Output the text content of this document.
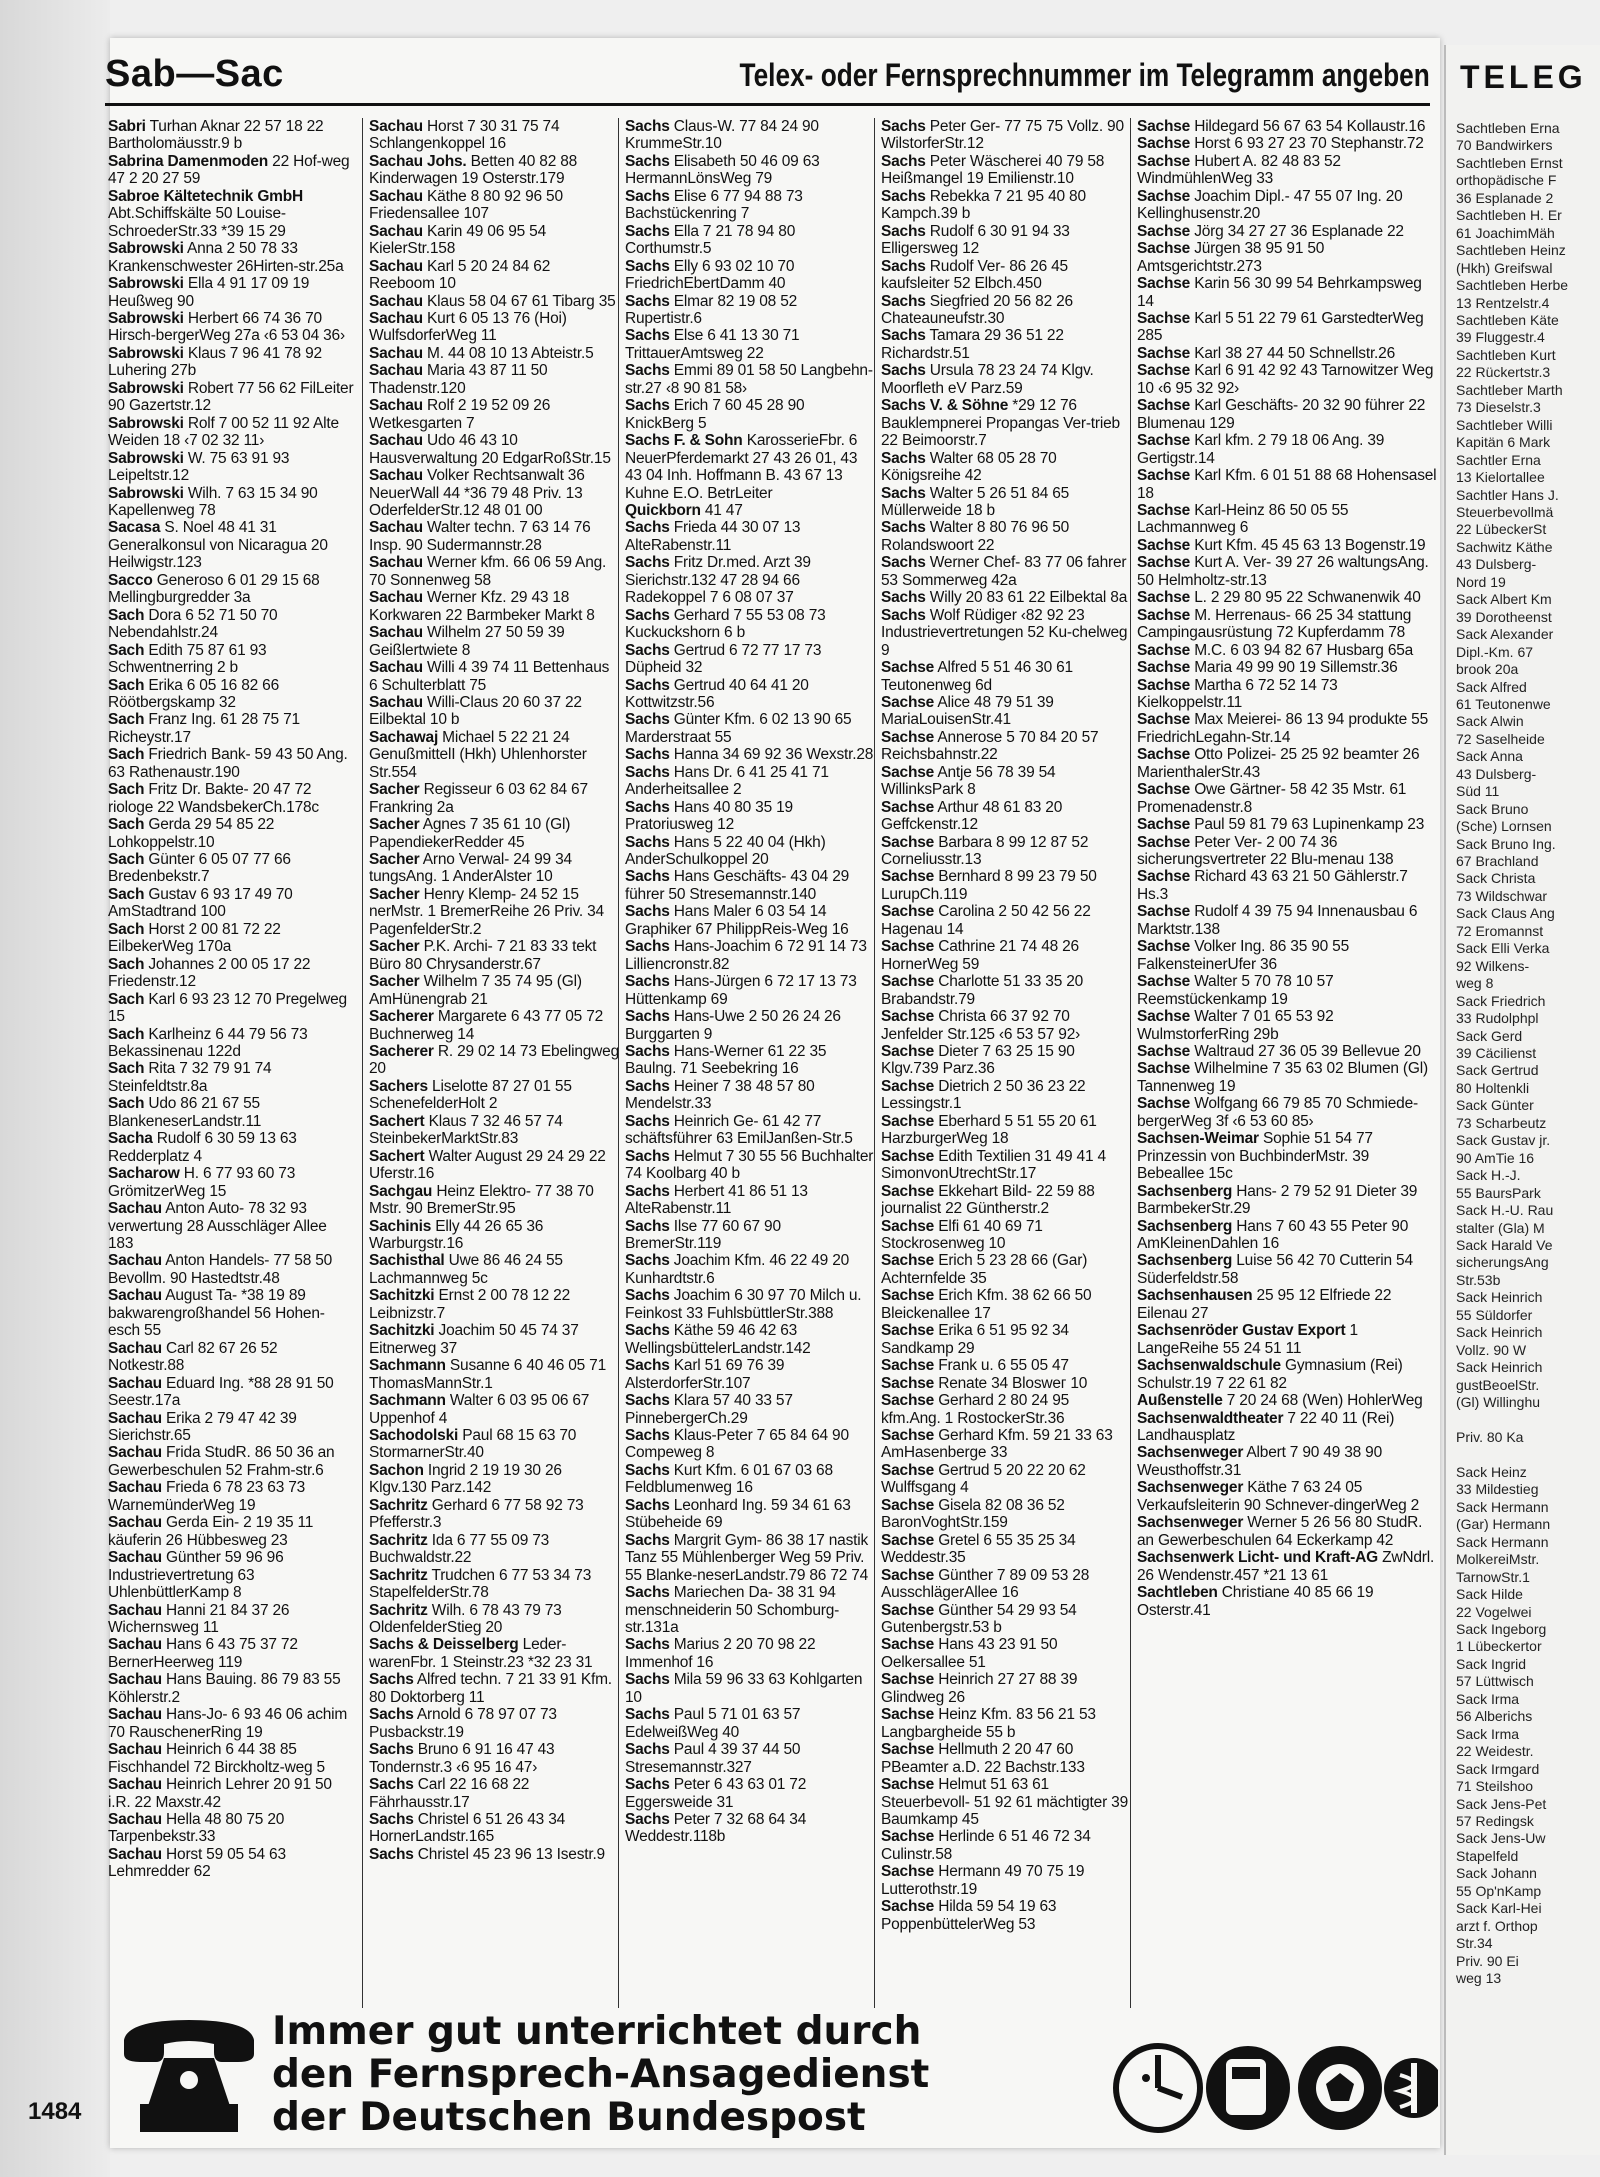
Sab—Sac	Telex- oder Fernsprechnummer im Telegramm angeben

Sabri Turhan Aknar 22 57 18 22 Bartholomäusstr.9 b

Sabrina Damenmoden 22 Hof-weg 47 2 20 27 59

Sabroe Kältetechnik GmbH Abt.Schiffskälte 50 Louise-SchroederStr.33 *39 15 29

Sabrowski Anna 2 50 78 33 Krankenschwester 26Hirten-str.25a

Sabrowski Ella 4 91 17 09 19 Heußweg 90

Sabrowski Herbert 66 74 36 70 Hirsch-bergerWeg 27a ‹6 53 04 36›

Sabrowski Klaus 7 96 41 78 92 Luhering 27b

Sabrowski Robert 77 56 62 FilLeiter 90 Gazertstr.12

Sabrowski Rolf 7 00 52 11 92 Alte Weiden 18 ‹7 02 32 11›

Sabrowski W. 75 63 91 93 Leipeltstr.12

Sabrowski Wilh. 7 63 15 34 90 Kapellenweg 78

Sacasa S. Noel 48 41 31 Generalkonsul von Nicaragua 20 Heilwigstr.123

Sacco Generoso 6 01 29 15 68 Mellingburgredder 3a

Sach Dora 6 52 71 50 70 Nebendahlstr.24

Sach Edith 75 87 61 93 Schwentnerring 2 b

Sach Erika 6 05 16 82 66 Röötbergskamp 32

Sach Franz Ing. 61 28 75 71 Richeystr.17

Sach Friedrich Bank- 59 43 50 Ang. 63 Rathenaustr.190

Sach Fritz Dr. Bakte- 20 47 72 riologe 22 WandsbekerCh.178c

Sach Gerda 29 54 85 22 Lohkoppelstr.10

Sach Günter 6 05 07 77 66 Bredenbekstr.7

Sach Gustav 6 93 17 49 70 AmStadtrand 100

Sach Horst 2 00 81 72 22 EilbekerWeg 170a

Sach Johannes 2 00 05 17 22 Friedenstr.12

Sach Karl 6 93 23 12 70 Pregelweg 15

Sach Karlheinz 6 44 79 56 73 Bekassinenau 122d

Sach Rita 7 32 79 91 74 Steinfeldtstr.8a

Sach Udo 86 21 67 55 BlankeneserLandstr.11

Sacha Rudolf 6 30 59 13 63 Redderplatz 4

Sacharow H. 6 77 93 60 73 GrömitzerWeg 15

Sachau Anton Auto- 78 32 93 verwertung 28 Ausschläger Allee 183

Sachau Anton Handels- 77 58 50 Bevollm. 90 Hastedtstr.48

Sachau August Ta- *38 19 89 bakwarengroßhandel 56 Hohen-esch 55

Sachau Carl 82 67 26 52 Notkestr.88

Sachau Eduard Ing. *88 28 91 50 Seestr.17a

Sachau Erika 2 79 47 42 39 Sierichstr.65

Sachau Frida StudR. 86 50 36 an Gewerbeschulen 52 Frahm-str.6

Sachau Frieda 6 78 23 63 73 WarnemünderWeg 19

Sachau Gerda Ein- 2 19 35 11 käuferin 26 Hübbesweg 23

Sachau Günther 59 96 96 Industrievertretung 63 UhlenbüttlerKamp 8

Sachau Hanni 21 84 37 26 Wichernsweg 11

Sachau Hans 6 43 75 37 72 BernerHeerweg 119

Sachau Hans Bauing. 86 79 83 55 Köhlerstr.2

Sachau Hans-Jo- 6 93 46 06 achim 70 RauschenerRing 19

Sachau Heinrich 6 44 38 85 Fischhandel 72 Birckholtz-weg 5

Sachau Heinrich Lehrer 20 91 50 i.R. 22 Maxstr.42

Sachau Hella 48 80 75 20 Tarpenbekstr.33

Sachau Horst 59 05 54 63 Lehmredder 62

Sachau Horst 7 30 31 75 74 Schlangenkoppel 16

Sachau Johs. Betten 40 82 88 Kinderwagen 19 Osterstr.179

Sachau Käthe 8 80 92 96 50 Friedensallee 107

Sachau Karin 49 06 95 54 KielerStr.158

Sachau Karl 5 20 24 84 62 Reeboom 10

Sachau Klaus 58 04 67 61 Tibarg 35

Sachau Kurt 6 05 13 76 (Hoi) WulfsdorferWeg 11

Sachau M. 44 08 10 13 Abteistr.5

Sachau Maria 43 87 11 50 Thadenstr.120

Sachau Rolf 2 19 52 09 26 Wetkesgarten 7

Sachau Udo 46 43 10 Hausverwaltung 20 EdgarRoßStr.15

Sachau Volker Rechtsanwalt 36 NeuerWall 44 *36 79 48 Priv. 13 OderfelderStr.12 48 01 00

Sachau Walter techn. 7 63 14 76 Insp. 90 Sudermannstr.28

Sachau Werner kfm. 66 06 59 Ang. 70 Sonnenweg 58

Sachau Werner Kfz. 29 43 18 Korkwaren 22 Barmbeker Markt 8

Sachau Wilhelm 27 50 59 39 Geißlertwiete 8

Sachau Willi 4 39 74 11 Bettenhaus 6 Schulterblatt 75

Sachau Willi-Claus 20 60 37 22 Eilbektal 10 b

Sachawaj Michael 5 22 21 24 GenußmittelI (Hkh) Uhlenhorster Str.554

Sacher Regisseur 6 03 62 84 67 Frankring 2a

Sacher Agnes 7 35 61 10 (Gl) PapendiekerRedder 45

Sacher Arno Verwal- 24 99 34 tungsAng. 1 AnderAlster 10

Sacher Henry Klemp- 24 52 15 nerMstr. 1 BremerReihe 26 Priv. 34 PagenfelderStr.2

Sacher P.K. Archi- 7 21 83 33 tekt Büro 80 Chrysanderstr.67

Sacher Wilhelm 7 35 74 95 (Gl) AmHünengrab 21

Sacherer Margarete 6 43 77 05 72 Buchnerweg 14

Sacherer R. 29 02 14 73 Ebelingweg 20

Sachers Liselotte 87 27 01 55 SchenefelderHolt 2

Sachert Klaus 7 32 46 57 74 SteinbekerMarktStr.83

Sachert Walter August 29 24 29 22 Uferstr.16

Sachgau Heinz Elektro- 77 38 70 Mstr. 90 BremerStr.95

Sachinis Elly 44 26 65 36 Warburgstr.16

Sachisthal Uwe 86 46 24 55 Lachmannweg 5c

Sachitzki Ernst 2 00 78 12 22 Leibnizstr.7

Sachitzki Joachim 50 45 74 37 Eitnerweg 37

Sachmann Susanne 6 40 46 05 71 ThomasMannStr.1

Sachmann Walter 6 03 95 06 67 Uppenhof 4

Sachodolski Paul 68 15 63 70 StormarnerStr.40

Sachon Ingrid 2 19 19 30 26 Klgv.130 Parz.142

Sachritz Gerhard 6 77 58 92 73 Pfefferstr.3

Sachritz Ida 6 77 55 09 73 Buchwaldstr.22

Sachritz Trudchen 6 77 53 34 73 StapelfelderStr.78

Sachritz Wilh. 6 78 43 79 73 OldenfelderStieg 20

Sachs & Deisselberg Leder-warenFbr. 1 Steinstr.23 *32 23 31

Sachs Alfred techn. 7 21 33 91 Kfm. 80 Doktorberg 11

Sachs Arnold 6 78 97 07 73 Pusbackstr.19

Sachs Bruno 6 91 16 47 43 Tondernstr.3 ‹6 95 16 47›

Sachs Carl 22 16 68 22 Fährhausstr.17

Sachs Christel 6 51 26 43 34 HornerLandstr.165

Sachs Christel 45 23 96 13 Isestr.9

Sachs Claus-W. 77 84 24 90 KrummeStr.10

Sachs Elisabeth 50 46 09 63 HermannLönsWeg 79

Sachs Elise 6 77 94 88 73 Bachstückenring 7

Sachs Ella 7 21 78 94 80 Corthumstr.5

Sachs Elly 6 93 02 10 70 FriedrichEbertDamm 40

Sachs Elmar 82 19 08 52 Rupertistr.6

Sachs Else 6 41 13 30 71 TrittauerAmtsweg 22

Sachs Emmi 89 01 58 50 Langbehn-str.27 ‹8 90 81 58›

Sachs Erich 7 60 45 28 90 KnickBerg 5

Sachs F. & Sohn KarosserieFbr. 6 NeuerPferdemarkt 27 43 26 01, 43 43 04 Inh. Hoffmann B. 43 67 13 Kuhne E.O. BetrLeiter

Quickborn 41 47

Sachs Frieda 44 30 07 13 AlteRabenstr.11

Sachs Fritz Dr.med. Arzt 39 Sierichstr.132 47 28 94 66 Radekoppel 7 6 08 07 37

Sachs Gerhard 7 55 53 08 73 Kuckuckshorn 6 b

Sachs Gertrud 6 72 77 17 73 Düpheid 32

Sachs Gertrud 40 64 41 20 Kottwitzstr.56

Sachs Günter Kfm. 6 02 13 90 65 Marderstraat 55

Sachs Hanna 34 69 92 36 Wexstr.28

Sachs Hans Dr. 6 41 25 41 71 Anderheitsallee 2

Sachs Hans 40 80 35 19 Pratoriusweg 12

Sachs Hans 5 22 40 04 (Hkh) AnderSchulkoppel 20

Sachs Hans Geschäfts- 43 04 29 führer 50 Stresemannstr.140

Sachs Hans Maler 6 03 54 14 Graphiker 67 PhilippReis-Weg 16

Sachs Hans-Joachim 6 72 91 14 73 Lilliencronstr.82

Sachs Hans-Jürgen 6 72 17 13 73 Hüttenkamp 69

Sachs Hans-Uwe 2 50 26 24 26 Burggarten 9

Sachs Hans-Werner 61 22 35 Baulng. 71 Seebekring 16

Sachs Heiner 7 38 48 57 80 Mendelstr.33

Sachs Heinrich Ge- 61 42 77 schäftsführer 63 EmilJanßen-Str.5

Sachs Helmut 7 30 55 56 Buchhalter 74 Koolbarg 40 b

Sachs Herbert 41 86 51 13 AlteRabenstr.11

Sachs Ilse 77 60 67 90 BremerStr.119

Sachs Joachim Kfm. 46 22 49 20 Kunhardtstr.6

Sachs Joachim 6 30 97 70 Milch u. Feinkost 33 FuhlsbüttlerStr.388

Sachs Käthe 59 46 42 63 WellingsbüttelerLandstr.142

Sachs Karl 51 69 76 39 AlsterdorferStr.107

Sachs Klara 57 40 33 57 PinnebergerCh.29

Sachs Klaus-Peter 7 65 84 64 90 Compeweg 8

Sachs Kurt Kfm. 6 01 67 03 68 Feldblumenweg 16

Sachs Leonhard Ing. 59 34 61 63 Stübeheide 69

Sachs Margrit Gym- 86 38 17 nastik Tanz 55 Mühlenberger Weg 59 Priv. 55 Blanke-neserLandstr.79 86 72 74

Sachs Mariechen Da- 38 31 94 menschneiderin 50 Schomburg-str.131a

Sachs Marius 2 20 70 98 22 Immenhof 16

Sachs Mila 59 96 33 63 Kohlgarten 10

Sachs Paul 5 71 01 63 57 EdelweißWeg 40

Sachs Paul 4 39 37 44 50 Stresemannstr.327

Sachs Peter 6 43 63 01 72 Eggersweide 31

Sachs Peter 7 32 68 64 34 Weddestr.118b

Sachs Peter Ger- 77 75 75 Vollz. 90 WilstorferStr.12

Sachs Peter Wäscherei 40 79 58 Heißmangel 19 Emilienstr.10

Sachs Rebekka 7 21 95 40 80 Kampch.39 b

Sachs Rudolf 6 30 91 94 33 Elligersweg 12

Sachs Rudolf Ver- 86 26 45 kaufsleiter 52 Elbch.450

Sachs Siegfried 20 56 82 26 Chateauneufstr.30

Sachs Tamara 29 36 51 22 Richardstr.51

Sachs Ursula 78 23 24 74 Klgv. Moorfleth eV Parz.59

Sachs V. & Söhne *29 12 76 Bauklempnerei Propangas Ver-trieb 22 Beimoorstr.7

Sachs Walter 68 05 28 70 Königsreihe 42

Sachs Walter 5 26 51 84 65 Müllerweide 18 b

Sachs Walter 8 80 76 96 50 Rolandswoort 22

Sachs Werner Chef- 83 77 06 fahrer 53 Sommerweg 42a

Sachs Willy 20 83 61 22 Eilbektal 8a

Sachs Wolf Rüdiger ‹82 92 23 Industrievertretungen 52 Ku-chelweg 9

Sachse Alfred 5 51 46 30 61 Teutonenweg 6d

Sachse Alice 48 79 51 39 MariaLouisenStr.41

Sachse Annerose 5 70 84 20 57 Reichsbahnstr.22

Sachse Antje 56 78 39 54 WillinksPark 8

Sachse Arthur 48 61 83 20 Geffckenstr.12

Sachse Barbara 8 99 12 87 52 Corneliusstr.13

Sachse Bernhard 8 99 23 79 50 LurupCh.119

Sachse Carolina 2 50 42 56 22 Hagenau 14

Sachse Cathrine 21 74 48 26 HornerWeg 59

Sachse Charlotte 51 33 35 20 Brabandstr.79

Sachse Christa 66 37 92 70 Jenfelder Str.125 ‹6 53 57 92›

Sachse Dieter 7 63 25 15 90 Klgv.739 Parz.36

Sachse Dietrich 2 50 36 23 22 Lessingstr.1

Sachse Eberhard 5 51 55 20 61 HarzburgerWeg 18

Sachse Edith Textilien 31 49 41 4 SimonvonUtrechtStr.17

Sachse Ekkehart Bild- 22 59 88 journalist 22 Güntherstr.2

Sachse Elfi 61 40 69 71 Stockrosenweg 10

Sachse Erich 5 23 28 66 (Gar) Achternfelde 35

Sachse Erich Kfm. 38 62 66 50 Bleickenallee 17

Sachse Erika 6 51 95 92 34 Sandkamp 29

Sachse Frank u. 6 55 05 47

Sachse Renate 34 Bloswег 10

Sachse Gerhard 2 80 24 95 kfm.Ang. 1 RostockerStr.36

Sachse Gerhard Kfm. 59 21 33 63 AmHasenberge 33

Sachse Gertrud 5 20 22 20 62 Wulffsgang 4

Sachse Gisela 82 08 36 52 BaronVoghtStr.159

Sachse Gretel 6 55 35 25 34 Weddestr.35

Sachse Günther 7 89 09 53 28 AusschlägerAllee 16

Sachse Günther 54 29 93 54 Gutenbergstr.53 b

Sachse Hans 43 23 91 50 Oelkersallee 51

Sachse Heinrich 27 27 88 39 Glindweg 26

Sachse Heinz Kfm. 83 56 21 53 Langbargheide 55 b

Sachse Hellmuth 2 20 47 60 PBeamter a.D. 22 Bachstr.133

Sachse Helmut 51 63 61 Steuerbevoll- 51 92 61 mächtigter 39 Baumkamp 45

Sachse Herlinde 6 51 46 72 34 Culinstr.58

Sachse Hermann 49 70 75 19 Lutterothstr.19

Sachse Hilda 59 54 19 63 PoppenbüttelerWeg 53

Sachse Hildegard 56 67 63 54 Kollaustr.16

Sachse Horst 6 93 27 23 70 Stephanstr.72

Sachse Hubert A. 82 48 83 52 WindmühlenWeg 33

Sachse Joachim Dipl.- 47 55 07 Ing. 20 Kellinghusenstr.20

Sachse Jörg 34 27 27 36 Esplanade 22

Sachse Jürgen 38 95 91 50 Amtsgerichtstr.273

Sachse Karin 56 30 99 54 Behrkampsweg 14

Sachse Karl 5 51 22 79 61 GarstedterWeg 285

Sachse Karl 38 27 44 50 Schnellstr.26

Sachse Karl 6 91 42 92 43 Tarnowitzer Weg 10 ‹6 95 32 92›

Sachse Karl Geschäfts- 20 32 90 führer 22 Blumenau 129

Sachse Karl kfm. 2 79 18 06 Ang. 39 Gertigstr.14

Sachse Karl Kfm. 6 01 51 88 68 Hohensasel 18

Sachse Karl-Heinz 86 50 05 55 Lachmannweg 6

Sachse Kurt Kfm. 45 45 63 13 Bogenstr.19

Sachse Kurt A. Ver- 39 27 26 waltungsAng. 50 Helmholtz-str.13

Sachse L. 2 29 80 95 22 Schwanenwik 40

Sachse M. Herrenaus- 66 25 34 stattung Campingausrüstung 72 Kupferdamm 78

Sachse M.C. 6 03 94 82 67 Husbarg 65a

Sachse Maria 49 99 90 19 Sillemstr.36

Sachse Martha 6 72 52 14 73 Kielkoppelstr.11

Sachse Max Meierei- 86 13 94 produkte 55 FriedrichLegahn-Str.14

Sachse Otto Polizei- 25 25 92 beamter 26 MarienthalerStr.43

Sachse Owe Gärtner- 58 42 35 Mstr. 61 Promenadenstr.8

Sachse Paul 59 81 79 63 Lupinenkamp 23

Sachse Peter Ver- 2 00 74 36 sicherungsvertreter 22 Blu-menau 138

Sachse Richard 43 63 21 50 Gählerstr.7 Hs.3

Sachse Rudolf 4 39 75 94 Innenausbau 6 Marktstr.138

Sachse Volker Ing. 86 35 90 55 FalkensteinerUfer 36

Sachse Walter 5 70 78 10 57 Reemstückenkamp 19

Sachse Walter 7 01 65 53 92 WulmstorferRing 29b

Sachse Waltraud 27 36 05 39 Bellevue 20

Sachse Wilhelmine 7 35 63 02 Blumen (Gl) Tannenweg 19

Sachse Wolfgang 66 79 85 70 Schmiede-bergerWeg 3f ‹6 53 60 85›

Sachsen-Weimar Sophie 51 54 77 Prinzessin von BuchbinderMstr. 39 Bebeallee 15c

Sachsenberg Hans- 2 79 52 91 Dieter 39 BarmbekerStr.29

Sachsenberg Hans 7 60 43 55 Peter 90 AmKleinenDahlen 16

Sachsenberg Luise 56 42 70 Cutterin 54 Süderfeldstr.58

Sachsenhausen 25 95 12 Elfriede 22 Eilenau 27

Sachsenröder Gustav Export 1 LangeReihe 55 24 51 11

Sachsenwaldschule Gymnasium (Rei) Schulstr.19 7 22 61 82

Außenstelle 7 20 24 68 (Wen) HohlerWeg

Sachsenwaldtheater 7 22 40 11 (Rei) Landhausplatz

Sachsenweger Albert 7 90 49 38 90 Weusthoffstr.31

Sachsenweger Käthe 7 63 24 05 Verkaufsleiterin 90 Schnever-dingerWeg 2

Sachsenweger Werner 5 26 56 80 StudR. an Gewerbeschulen 64 Eckerkamp 42

Sachsenwerk Licht- und Kraft-AG ZwNdrl. 26 Wendenstr.457 *21 13 61

Sachtleben Christiane 40 85 66 19 Osterstr.41

TELEG
Sachtleben Erna
70 Bandwirkers
Sachtleben Ernst
orthopädische F
36 Esplanade 2
Sachtleben H. Er
61 JoachimMäh
Sachtleben Heinz
(Hkh) Greifswal
Sachtleben Herbe
13 Rentzelstr.4
Sachtleben Käte
39 Fluggestr.4
Sachtleben Kurt
22 Rückertstr.3
Sachtleber Marth
73 Dieselstr.3
Sachtleber Willi
Kapitän 6 Mark
Sachtler Erna
13 Kielortallee
Sachtler Hans J.
Steuerbevollmä
22 LübeckerSt
Sachwitz Käthe
43 Dulsberg-
Nord 19
Sack Albert Km
39 Dorotheenst
Sack Alexander
Dipl.-Km. 67
brook 20a
Sack Alfred
61 Teutonenwe
Sack Alwin
72 Saselheide
Sack Anna
43 Dulsberg-
Süd 11
Sack Bruno
(Sche) Lornsen
Sack Bruno Ing.
67 Brachland
Sack Christa
73 Wildschwar
Sack Claus Ang
72 Eromannst
Sack Elli Verka
92 Wilkens-
weg 8
Sack Friedrich
33 Rudolphpl
Sack Gerd
39 Cäcilienst
Sack Gertrud
80 Holtenkli
Sack Günter
73 Scharbeutz
Sack Gustav jr.
90 AmTie 16
Sack H.-J.
55 BaursPark
Sack H.-U. Rau
stalter (Gla) M
Sack Harald Ve
sicherungsAng
Str.53b
Sack Heinrich
55 Süldorfer
Sack Heinrich
Vollz. 90 W
Sack Heinrich
gustBeoelStr.
(Gl) Willinghu

Priv. 80 Ka

Sack Heinz
33 Mildestieg
Sack Hermann
(Gar) Hermann
Sack Hermann
MolkereiMstr.
TarnowStr.1
Sack Hilde
22 Vogelwei
Sack Ingeborg
1 Lübeckertor
Sack Ingrid
57 Lüttwisch
Sack Irma
56 Alberichs
Sack Irma
22 Weidestr.
Sack Irmgard
71 Steilshoo
Sack Jens-Pet
57 Redingsk
Sack Jens-Uw
Stapelfeld
Sack Johann
55 Op'nKamp
Sack Karl-Hei
arzt f. Orthop
Str.34
Priv. 90 Ei
weg 13
1484
Immer gut unterrichtet durch
den Fernsprech-Ansagedienst
der Deutschen Bundespost
